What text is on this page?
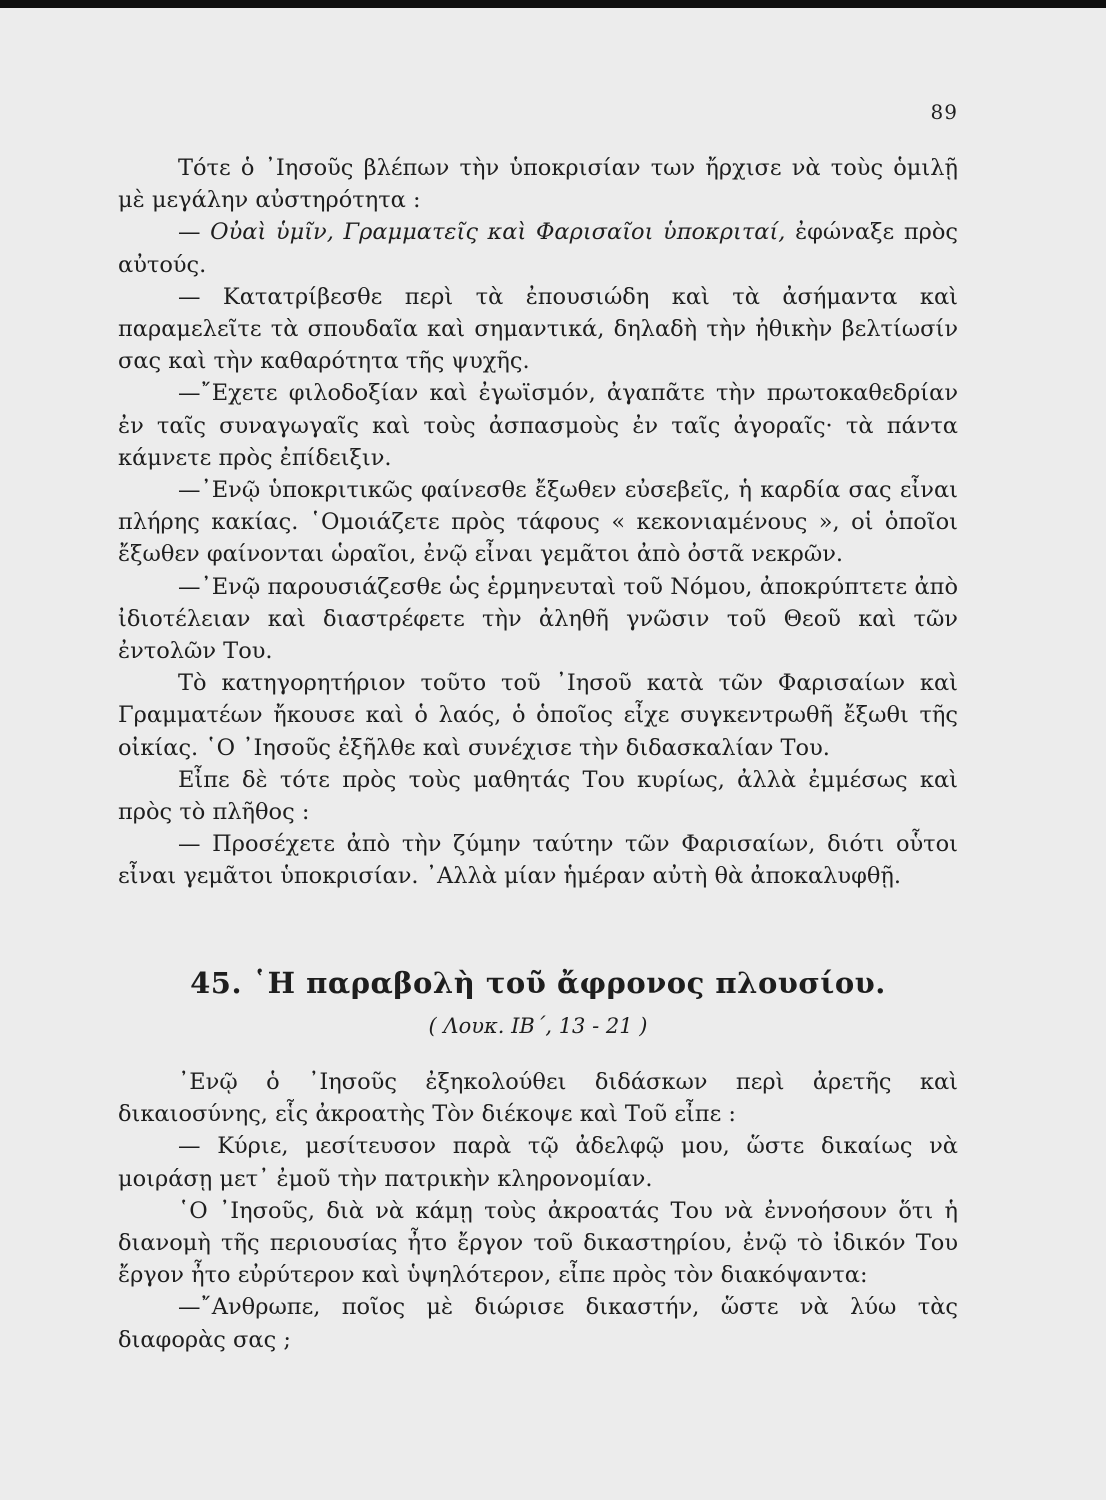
89

Τότε ὁ ᾿Ιησοῦς βλέπων τὴν ὑποκρισίαν των ἤρχισε νὰ τοὺς ὁμιλῇ μὲ μεγάλην αὐστηρότητα :

— Οὐαὶ ὑμῖν, Γραμματεῖς καὶ Φαρισαῖοι ὑποκριταί, ἐφώναξε πρὸς αὐτούς.

— Κατατρίβεσθε περὶ τὰ ἐπουσιώδη καὶ τὰ ἀσήμαντα καὶ παραμελεῖτε τὰ σπουδαῖα καὶ σημαντικά, δηλαδὴ τὴν ἠθικὴν βελτίωσίν σας καὶ τὴν καθαρότητα τῆς ψυχῆς.

—῎Εχετε φιλοδοξίαν καὶ ἐγωϊσμόν, ἀγαπᾶτε τὴν πρωτοκαθεδρίαν ἐν ταῖς συναγωγαῖς καὶ τοὺς ἀσπασμοὺς ἐν ταῖς ἀγοραῖς· τὰ πάντα κάμνετε πρὸς ἐπίδειξιν.

—᾿Ενῷ ὑποκριτικῶς φαίνεσθε ἔξωθεν εὐσεβεῖς, ἡ καρδία σας εἶναι πλήρης κακίας. ῾Ομοιάζετε πρὸς τάφους « κεκονιαμένους », οἱ ὁποῖοι ἔξωθεν φαίνονται ὡραῖοι, ἐνῷ εἶναι γεμᾶτοι ἀπὸ ὀστᾶ νεκρῶν.

—᾿Ενῷ παρουσιάζεσθε ὡς ἑρμηνευταὶ τοῦ Νόμου, ἀποκρύπτετε ἀπὸ ἰδιοτέλειαν καὶ διαστρέφετε τὴν ἀληθῆ γνῶσιν τοῦ Θεοῦ καὶ τῶν ἐντολῶν Του.

Τὸ κατηγορητήριον τοῦτο τοῦ ᾿Ιησοῦ κατὰ τῶν Φαρισαίων καὶ Γραμματέων ἤκουσε καὶ ὁ λαός, ὁ ὁποῖος εἶχε συγκεντρωθῆ ἔξωθι τῆς οἰκίας. ῾Ο ᾿Ιησοῦς ἐξῆλθε καὶ συνέχισε τὴν διδασκαλίαν Του.

Εἶπε δὲ τότε πρὸς τοὺς μαθητάς Του κυρίως, ἀλλὰ ἐμμέσως καὶ πρὸς τὸ πλῆθος :

— Προσέχετε ἀπὸ τὴν ζύμην ταύτην τῶν Φαρισαίων, διότι οὗτοι εἶναι γεμᾶτοι ὑποκρισίαν. ᾿Αλλὰ μίαν ἡμέραν αὐτὴ θὰ ἀποκαλυφθῇ.

45. ῾Η παραβολὴ τοῦ ἄφρονος πλουσίου.
( Λουκ. ΙΒ΄, 13 - 21 )

᾿Ενῷ ὁ ᾿Ιησοῦς ἐξηκολούθει διδάσκων περὶ ἀρετῆς καὶ δικαιοσύνης, εἷς ἀκροατὴς Τὸν διέκοψε καὶ Τοῦ εἶπε :

— Κύριε, μεσίτευσον παρὰ τῷ ἀδελφῷ μου, ὥστε δικαίως νὰ μοιράσῃ μετ᾿ ἐμοῦ τὴν πατρικὴν κληρονομίαν.

῾Ο ᾿Ιησοῦς, διὰ νὰ κάμῃ τοὺς ἀκροατάς Του νὰ ἐννοήσουν ὅτι ἡ διανομὴ τῆς περιουσίας ἦτο ἔργον τοῦ δικαστηρίου, ἐνῷ τὸ ἰδικόν Του ἔργον ἦτο εὐρύτερον καὶ ὑψηλότερον, εἶπε πρὸς τὸν διακόψαντα:

—῎Ανθρωπε, ποῖος μὲ διώρισε δικαστήν, ὥστε νὰ λύω τὰς διαφορὰς σας ;
